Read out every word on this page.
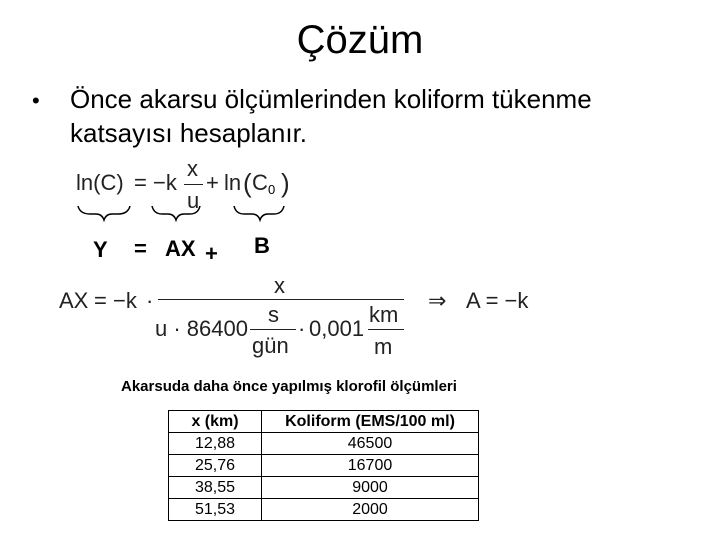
Çözüm
• Önce akarsu ölçümlerinden koliform tükenme katsayısı hesaplanır.
ln(C) = −k
x
u
+ ln ( C 0 )
Y = AX + B
AX = −k ·
x
s
u · 86400
gün
· 0,001
km
m
⇒ A = −k
Akarsuda daha önce yapılmış klorofil ölçümleri
x (km)	Koliform (EMS/100 ml)
12,88	46500
25,76	16700
38,55	9000
51,53	2000
